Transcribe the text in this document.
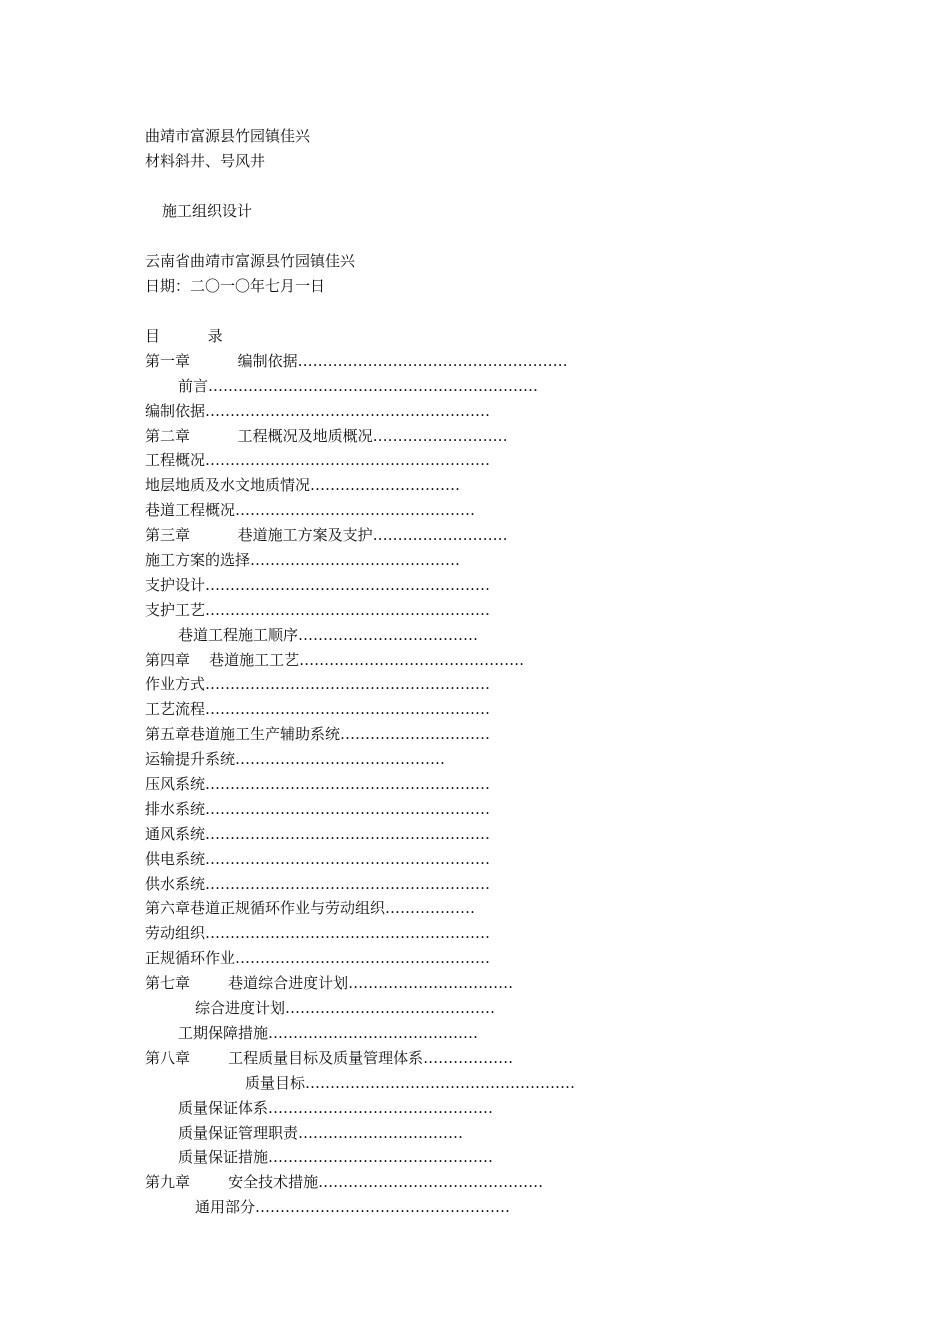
曲靖市富源县竹园镇佳兴
材料斜井、号风井
施工组织设计
云南省曲靖市富源县竹园镇佳兴
日期：二〇一〇年七月一日
目          录
第一章          编制依据………………………………………………
前言…………………………………………………………
编制依据…………………………………………………
第二章          工程概况及地质概况………………………
工程概况…………………………………………………
地层地质及水文地质情况…………………………
巷道工程概况…………………………………………
第三章          巷道施工方案及支护………………………
施工方案的选择……………………………………
支护设计…………………………………………………
支护工艺…………………………………………………
巷道工程施工顺序………………………………
第四章    巷道施工工艺………………………………………
作业方式…………………………………………………
工艺流程…………………………………………………
第五章巷道施工生产辅助系统…………………………
运输提升系统……………………………………
压风系统…………………………………………………
排水系统…………………………………………………
通风系统…………………………………………………
供电系统…………………………………………………
供水系统…………………………………………………
第六章巷道正规循环作业与劳动组织………………
劳动组织…………………………………………………
正规循环作业……………………………………………
第七章        巷道综合进度计划……………………………
综合进度计划……………………………………
工期保障措施……………………………………
第八章        工程质量目标及质量管理体系………………
质量目标………………………………………………
质量保证体系………………………………………
质量保证管理职责……………………………
质量保证措施………………………………………
第九章        安全技术措施………………………………………
通用部分……………………………………………
